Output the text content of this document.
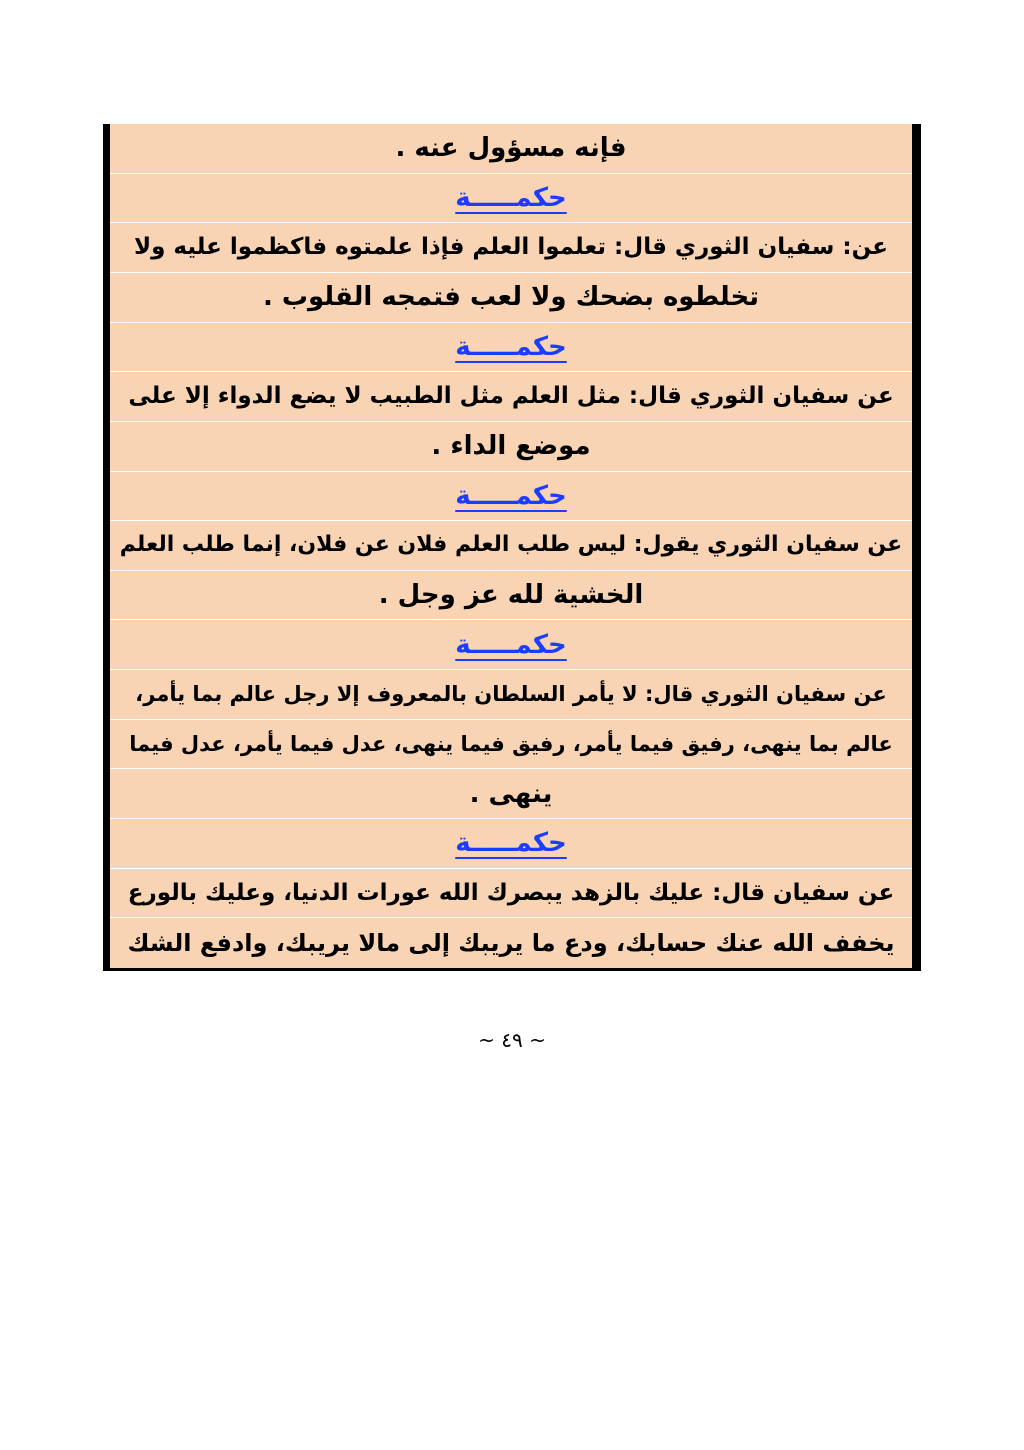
فإنه مسؤول عنه .
حكمـــــة
عن: سفيان الثوري قال: تعلموا العلم فإذا علمتوه فاكظموا عليه ولا
تخلطوه بضحك ولا لعب فتمجه القلوب .
حكمـــــة
عن سفيان الثوري قال: مثل العلم مثل الطبيب لا يضع الدواء إلا على
موضع الداء .
حكمـــــة
عن سفيان الثوري يقول: ليس طلب العلم فلان عن فلان، إنما طلب العلم
الخشية لله عز وجل .
حكمـــــة
عن سفيان الثوري قال: لا يأمر السلطان بالمعروف إلا رجل عالم بما يأمر،
عالم بما ينهى، رفيق فيما يأمر، رفيق فيما ينهى، عدل فيما يأمر، عدل فيما
ينهى .
حكمـــــة
عن سفيان قال: عليك بالزهد يبصرك الله عورات الدنيا، وعليك بالورع
يخفف الله عنك حسابك، ودع ما يريبك إلى مالا يريبك، وادفع الشك
~ ٤٩ ~
